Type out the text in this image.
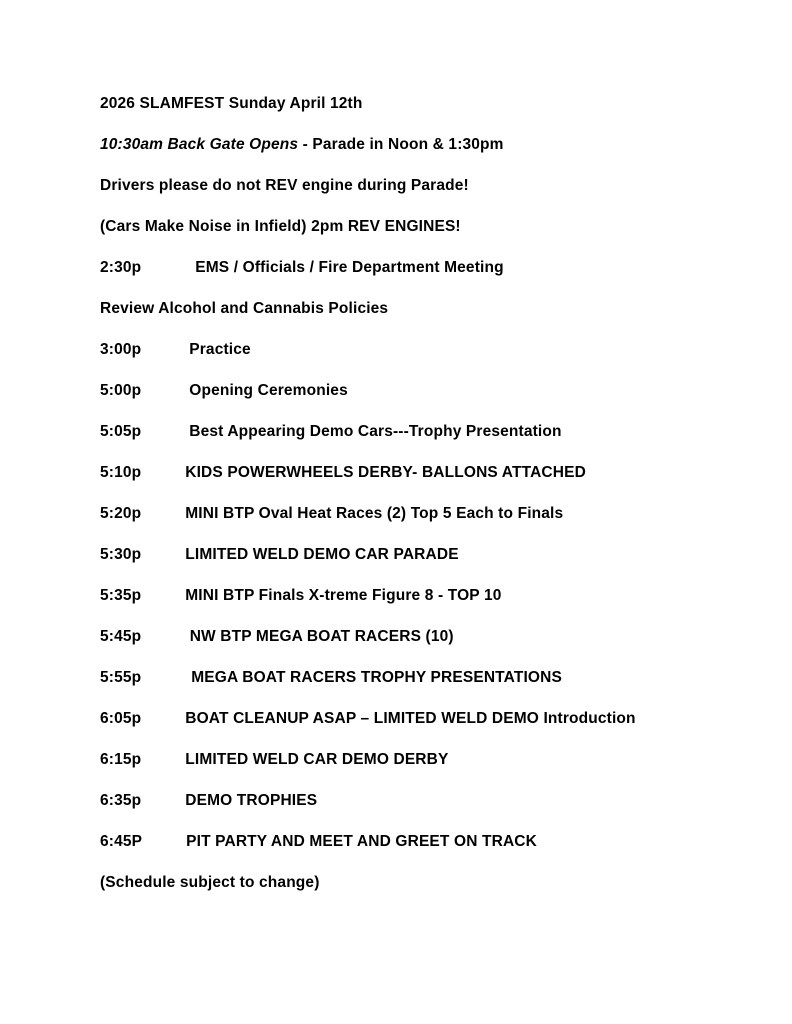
2026 SLAMFEST Sunday April 12th

10:30am Back Gate Opens - Parade in Noon & 1:30pm

Drivers please do not REV engine during Parade!

(Cars Make Noise in Infield) 2pm REV ENGINES!

2:30p	EMS / Officials / Fire Department Meeting

Review Alcohol and Cannabis Policies

3:00p	Practice

5:00p	Opening Ceremonies

5:05p	Best Appearing Demo Cars---Trophy Presentation

5:10p	KIDS POWERWHEELS DERBY- BALLONS ATTACHED

5:20p	MINI BTP Oval Heat Races (2) Top 5 Each to Finals

5:30p	LIMITED WELD DEMO CAR PARADE

5:35p	MINI BTP Finals X-treme Figure 8 - TOP 10

5:45p	NW BTP MEGA BOAT RACERS (10)

5:55p	MEGA BOAT RACERS TROPHY PRESENTATIONS

6:05p	BOAT CLEANUP ASAP – LIMITED WELD DEMO Introduction

6:15p	LIMITED WELD CAR DEMO DERBY

6:35p	DEMO TROPHIES

6:45P	PIT PARTY AND MEET AND GREET ON TRACK

(Schedule subject to change)
